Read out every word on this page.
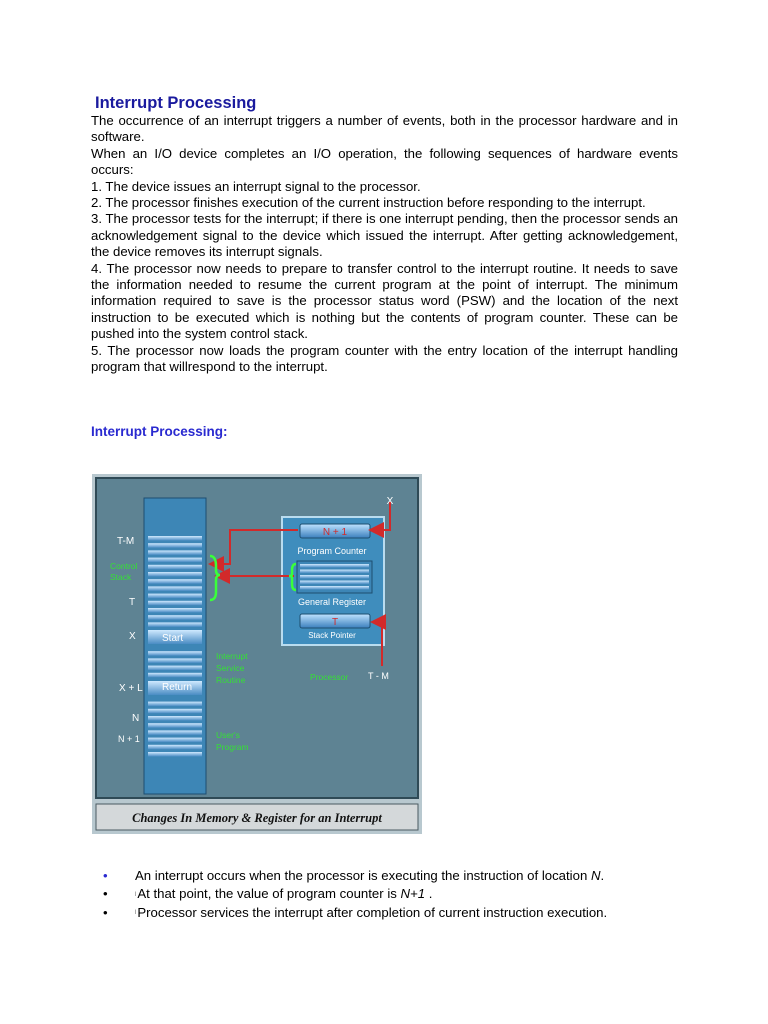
Interrupt Processing

The occurrence of an interrupt triggers a number of events, both in the processor hardware and in software.

When an I/O device completes an I/O operation, the following sequences of hardware events occurs:

1. The device issues an interrupt signal to the processor.

2. The processor finishes execution of the current instruction before responding to the interrupt.

3. The processor tests for the interrupt; if there is one interrupt pending, then the processor sends an acknowledgement signal to the device which issued the interrupt. After getting acknowledgement, the device removes its interrupt signals.

4. The processor now needs to prepare to transfer control to the interrupt routine. It needs to save the information needed to resume the current program at the point of interrupt. The minimum information required to save is the processor status word (PSW) and the location of the next instruction to be executed which is nothing but the contents of program counter. These can be pushed into the system control stack.

5. The processor now loads the program counter with the entry location of the interrupt handling program that willrespond to the interrupt.

Interrupt Processing:
X
T-M
Control
Stack
T
X	Start
X + L Return
N
N + 1
Interrupt
Service
Routine
User's
Program
N + 1
Program Counter
General Register
T
Stack Pointer
Processor T - M
Changes In Memory & Register for an Interrupt
• An interrupt occurs when the processor is executing the instruction of location N.
•	lAt that point, the value of program counter is N+1 .
•	lProcessor services the interrupt after completion of current instruction execution.
